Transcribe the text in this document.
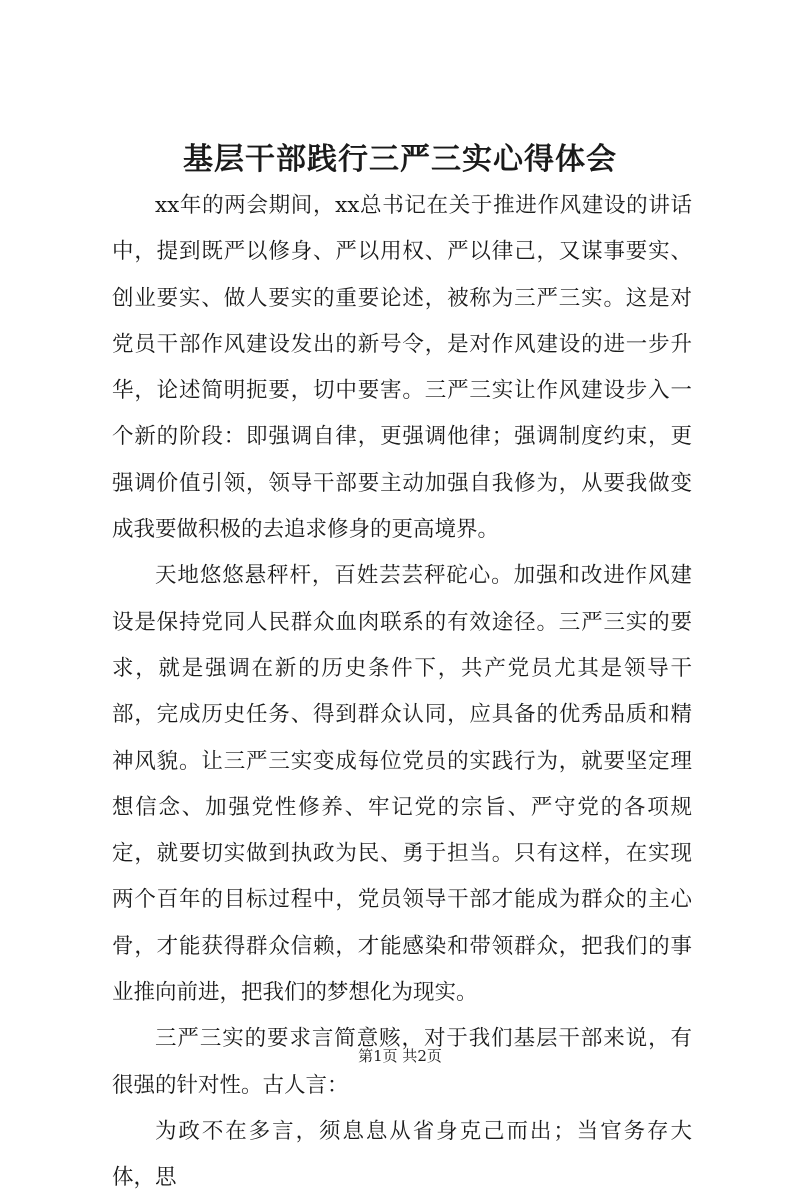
基层干部践行三严三实心得体会

xx年的两会期间，xx总书记在关于推进作风建设的讲话中，提到既严以修身、严以用权、严以律己，又谋事要实、创业要实、做人要实的重要论述，被称为三严三实。这是对党员干部作风建设发出的新号令，是对作风建设的进一步升华，论述简明扼要，切中要害。三严三实让作风建设步入一个新的阶段：即强调自律，更强调他律；强调制度约束，更强调价值引领，领导干部要主动加强自我修为，从要我做变成我要做积极的去追求修身的更高境界。

天地悠悠悬秤杆，百姓芸芸秤砣心。加强和改进作风建设是保持党同人民群众血肉联系的有效途径。三严三实的要求，就是强调在新的历史条件下，共产党员尤其是领导干部，完成历史任务、得到群众认同，应具备的优秀品质和精神风貌。让三严三实变成每位党员的实践行为，就要坚定理想信念、加强党性修养、牢记党的宗旨、严守党的各项规定，就要切实做到执政为民、勇于担当。只有这样，在实现两个百年的目标过程中，党员领导干部才能成为群众的主心骨，才能获得群众信赖，才能感染和带领群众，把我们的事业推向前进，把我们的梦想化为现实。

三严三实的要求言简意赅，对于我们基层干部来说，有很强的针对性。古人言：

为政不在多言，须息息从省身克己而出；当官务存大体，思

第1页 共2页
